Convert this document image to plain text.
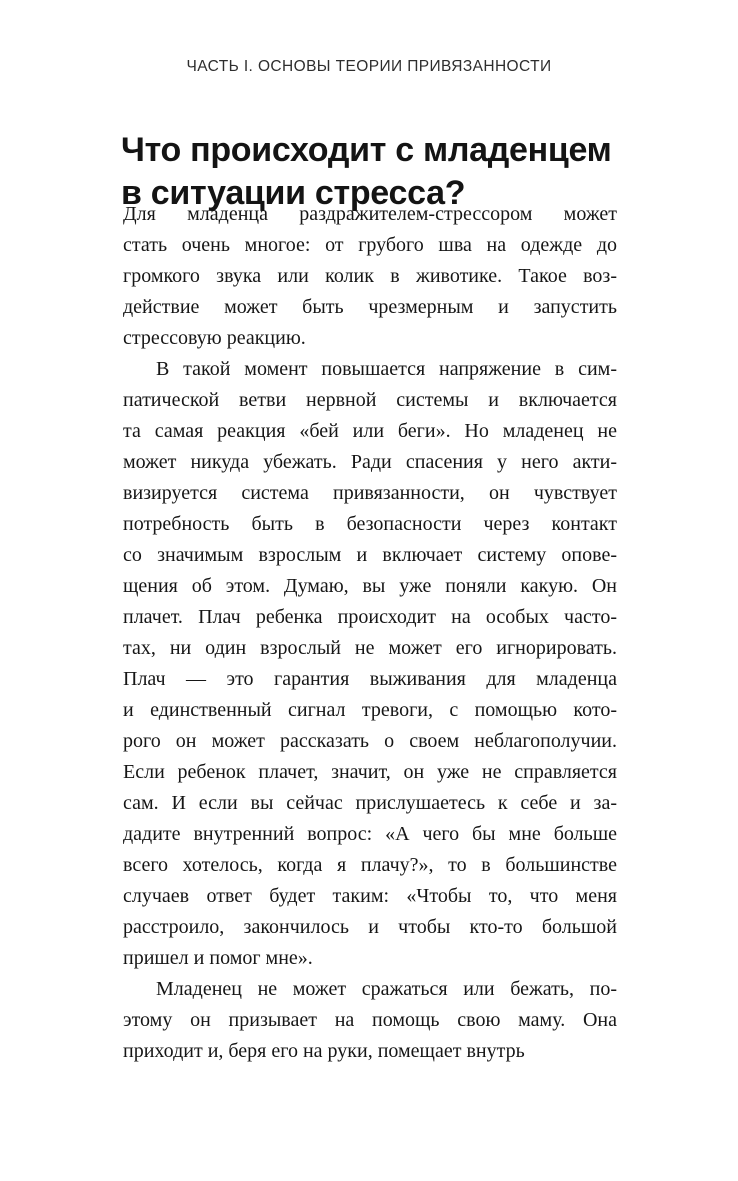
ЧАСТЬ I. ОСНОВЫ ТЕОРИИ ПРИВЯЗАННОСТИ
Что происходит с младенцем
в ситуации стресса?

Для младенца раздражителем-стрессором может
стать очень многое: от грубого шва на одежде до
громкого звука или колик в животике. Такое воз-
действие может быть чрезмерным и запустить
стрессовую реакцию.

В такой момент повышается напряжение в сим-
патической ветви нервной системы и включается
та самая реакция «бей или беги». Но младенец не
может никуда убежать. Ради спасения у него акти-
визируется система привязанности, он чувствует
потребность быть в безопасности через контакт
со значимым взрослым и включает систему опове-
щения об этом. Думаю, вы уже поняли какую. Он
плачет. Плач ребенка происходит на особых часто-
тах, ни один взрослый не может его игнорировать.
Плач — это гарантия выживания для младенца
и единственный сигнал тревоги, с помощью кото-
рого он может рассказать о своем неблагополучии.
Если ребенок плачет, значит, он уже не справляется
сам. И если вы сейчас прислушаетесь к себе и за-
дадите внутренний вопрос: «А чего бы мне больше
всего хотелось, когда я плачу?», то в большинстве
случаев ответ будет таким: «Чтобы то, что меня
расстроило, закончилось и чтобы кто-то большой
пришел и помог мне».

Младенец не может сражаться или бежать, по-
этому он призывает на помощь свою маму. Она
приходит и, беря его на руки, помещает внутрь
